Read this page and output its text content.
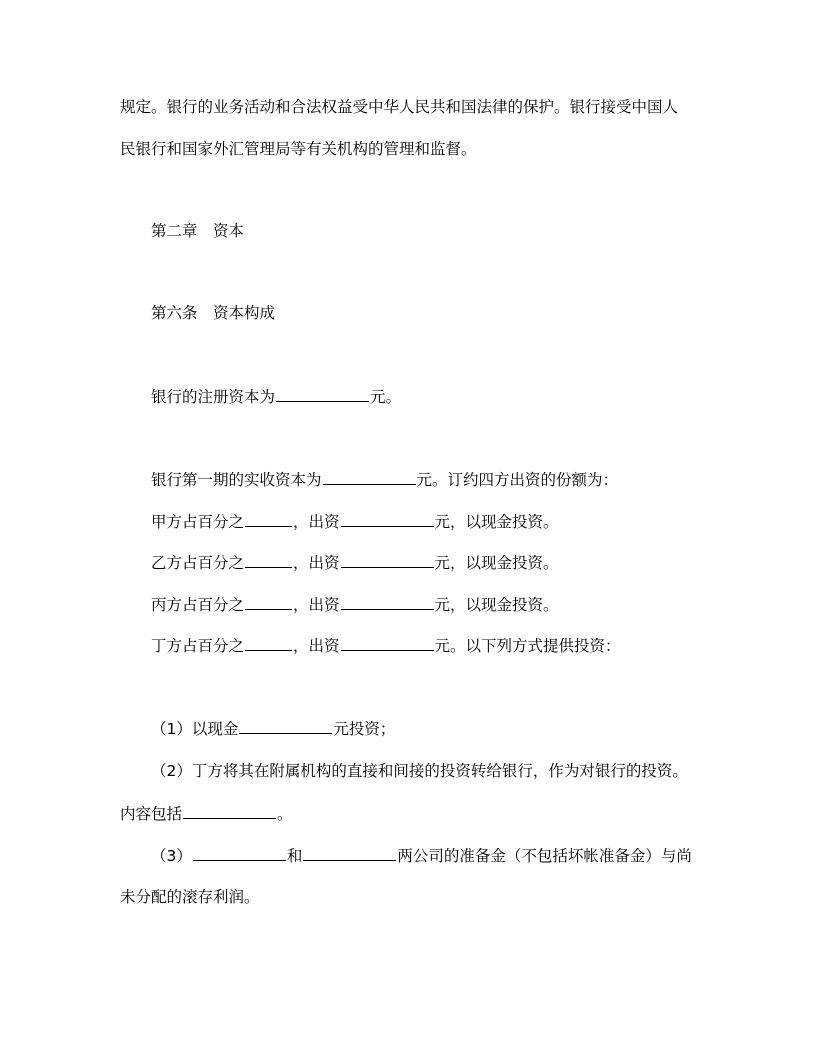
规定。银行的业务活动和合法权益受中华人民共和国法律的保护。银行接受中国人
民银行和国家外汇管理局等有关机构的管理和监督。
第二章　资本
第六条　资本构成
银行的注册资本为	元。
银行第一期的实收资本为	元。订约四方出资的份额为：
甲方占百分之	，出资	元，以现金投资。
乙方占百分之	，出资	元，以现金投资。
丙方占百分之	，出资	元，以现金投资。
丁方占百分之	，出资	元。以下列方式提供投资：
（1）以现金	元投资；
（2）丁方将其在附属机构的直接和间接的投资转给银行，作为对银行的投资。
内容包括	。
（3）	和	两公司的准备金（不包括坏帐准备金）与尚
未分配的滚存利润。
